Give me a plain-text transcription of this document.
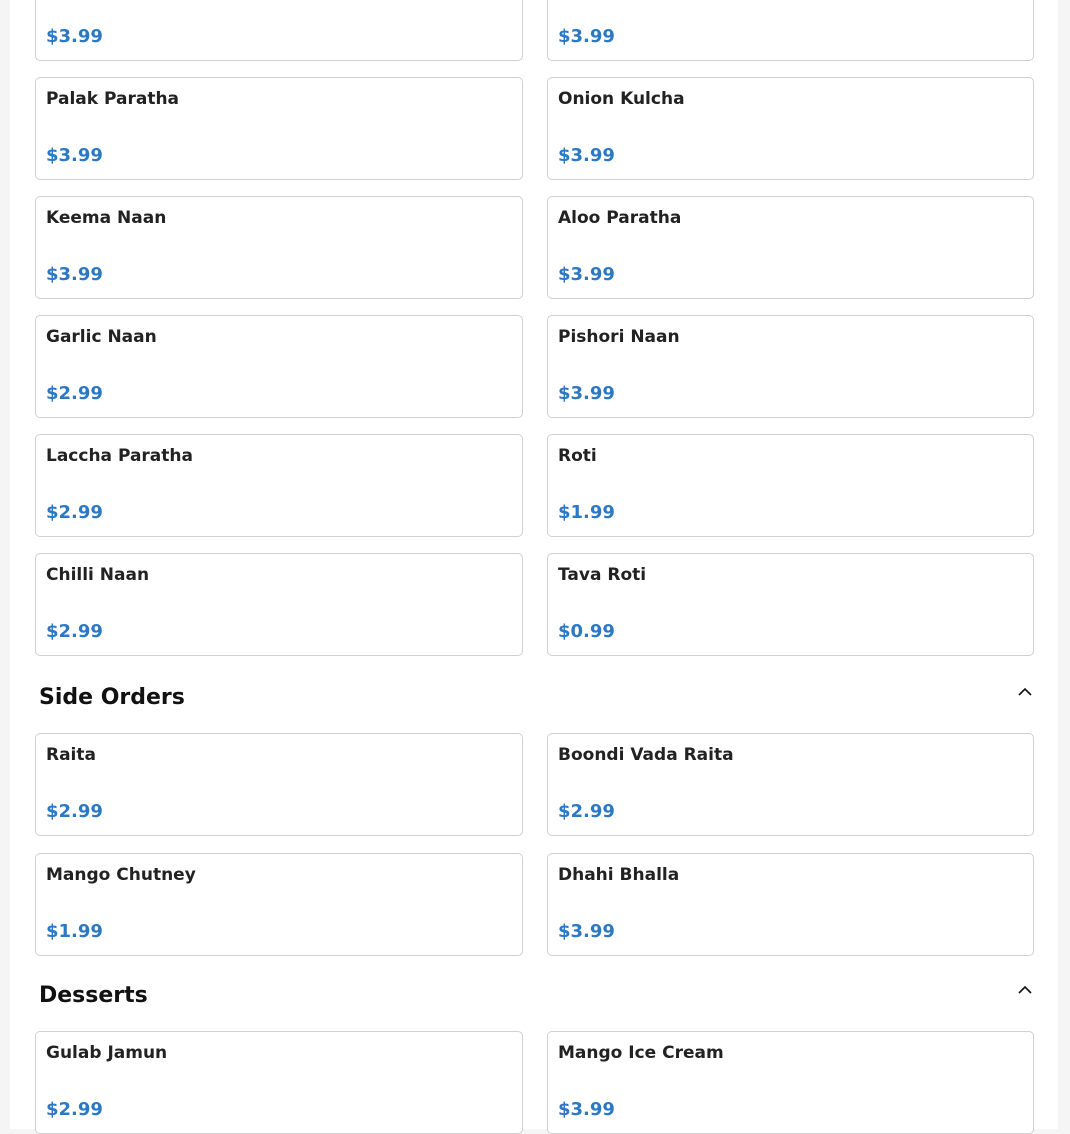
$3.99	$3.99
Palak Paratha
$3.99
Onion Kulcha
$3.99
Keema Naan
$3.99
Aloo Paratha
$3.99
Garlic Naan
$2.99
Pishori Naan
$3.99
Laccha Paratha
$2.99
Roti
$1.99
Chilli Naan
$2.99
Tava Roti
$0.99
Side Orders
Raita
$2.99
Boondi Vada Raita
$2.99
Mango Chutney
$1.99
Dhahi Bhalla
$3.99
Desserts
Gulab Jamun
$2.99
Mango Ice Cream
$3.99
